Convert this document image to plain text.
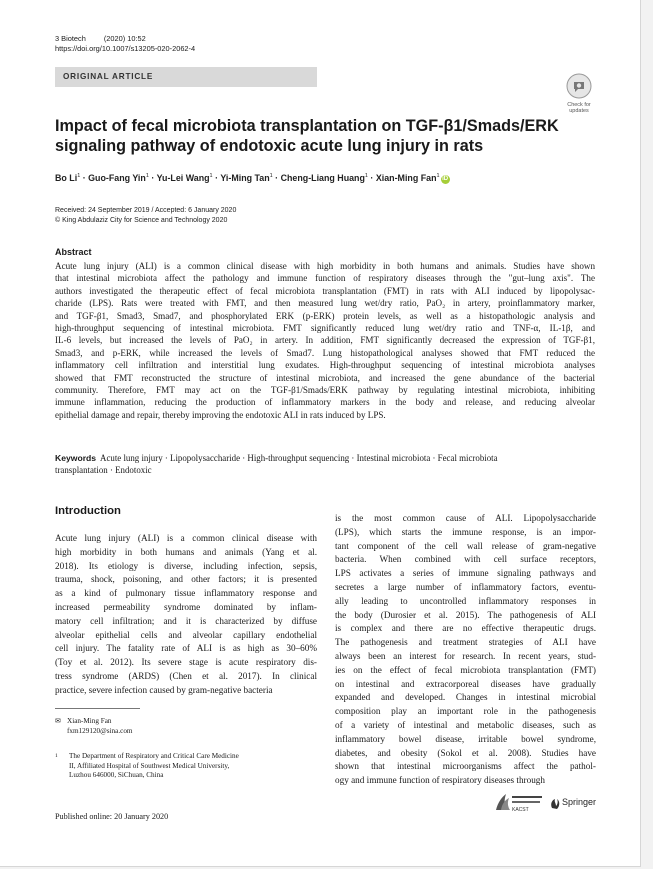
3 Biotech (2020) 10:52
https://doi.org/10.1007/s13205-020-2062-4
ORIGINAL ARTICLE
Check for
updates
Impact of fecal microbiota transplantation on TGF-β1/Smads/ERK
signaling pathway of endotoxic acute lung injury in rats
Bo $Li^1$ · Guo-Fang Yin$^1$ · Yu-Lei Wang$^1$ · Yi-Ming Tan$^1$ · Cheng-Liang Huang$^1$ · Xian-Ming Fan$^1$ iD
Received: 24 September 2019 / Accepted: 6 January 2020
© King Abdulaziz City for Science and Technology 2020
Abstract
Acute lung injury (ALI) is a common clinical disease with high morbidity in both humans and animals. Studies have shown
that intestinal microbiota affect the pathology and immune function of respiratory diseases through the "gut–lung axis". The
authors investigated the therapeutic effect of fecal microbiota transplantation (FMT) in rats with ALI induced by lipopolysac-
charide (LPS). Rats were treated with FMT, and then measured lung wet/dry ratio, PaO₂ in artery, proinflammatory marker,
and TGF-β1, Smad3, Smad7, and phosphorylated ERK (p-ERK) protein levels, as well as a histopathologic analysis and
high-throughput sequencing of intestinal microbiota. FMT significantly reduced lung wet/dry ratio and TNF-α, IL-1β, and
IL-6 levels, but increased the levels of PaO₂ in artery. In addition, FMT significantly decreased the expression of TGF-β1,
Smad3, and p-ERK, while increased the levels of Smad7. Lung histopathological analyses showed that FMT reduced the
inflammatory cell infiltration and interstitial lung exudates. High-throughput sequencing of intestinal microbiota analyses
showed that FMT reconstructed the structure of intestinal microbiota, and increased the gene abundance of the bacterial
community. Therefore, FMT may act on the TGF-β1/Smads/ERK pathway by regulating intestinal microbiota, inhibiting
immune inflammation, reducing the production of inflammatory markers in the body and release, and reducing alveolar
epithelial damage and repair, thereby improving the endotoxic ALI in rats induced by LPS.
Keywords Acute lung injury · Lipopolysaccharide · High-throughput sequencing · Intestinal microbiota · Fecal microbiota
transplantation · Endotoxic
Introduction
Acute lung injury (ALI) is a common clinical disease with
high morbidity in both humans and animals (Yang et al.
2018). Its etiology is diverse, including infection, sepsis,
trauma, shock, poisoning, and other factors; it is presented
as a kind of pulmonary tissue inflammatory response and
increased permeability syndrome dominated by inflam-
matory cell infiltration; and it is characterized by diffuse
alveolar epithelial cells and alveolar capillary endothelial
cell injury. The fatality rate of ALI is as high as 30–60%
(Toy et al. 2012). Its severe stage is acute respiratory dis-
tress syndrome (ARDS) (Chen et al. 2017). In clinical
practice, severe infection caused by gram-negative bacteria
is the most common cause of ALI. Lipopolysaccharide
(LPS), which starts the immune response, is an impor-
tant component of the cell wall release of gram-negative
bacteria. When combined with cell surface receptors,
LPS activates a series of immune signaling pathways and
secretes a large number of inflammatory factors, eventu-
ally leading to uncontrolled inflammatory responses in
the body (Durosier et al. 2015). The pathogenesis of ALI
is complex and there are no effective therapeutic drugs.
The pathogenesis and treatment strategies of ALI have
always been an interest for research. In recent years, stud-
ies on the effect of fecal microbiota transplantation (FMT)
on intestinal and extracorporeal diseases have gradually
expanded and developed. Changes in intestinal microbial
composition play an important role in the pathogenesis
of a variety of intestinal and metabolic diseases, such as
inflammatory bowel disease, irritable bowel syndrome,
diabetes, and obesity (Sokol et al. 2008). Studies have
shown that intestinal microorganisms affect the pathol-
ogy and immune function of respiratory diseases through
✉ Xian-Ming Fan
fxm129120@sina.com
1 The Department of Respiratory and Critical Care Medicine
II, Affiliated Hospital of Southwest Medical University,
Luzhou 646000, SiChuan, China
Published online: 20 January 2020
KACST
Springer
